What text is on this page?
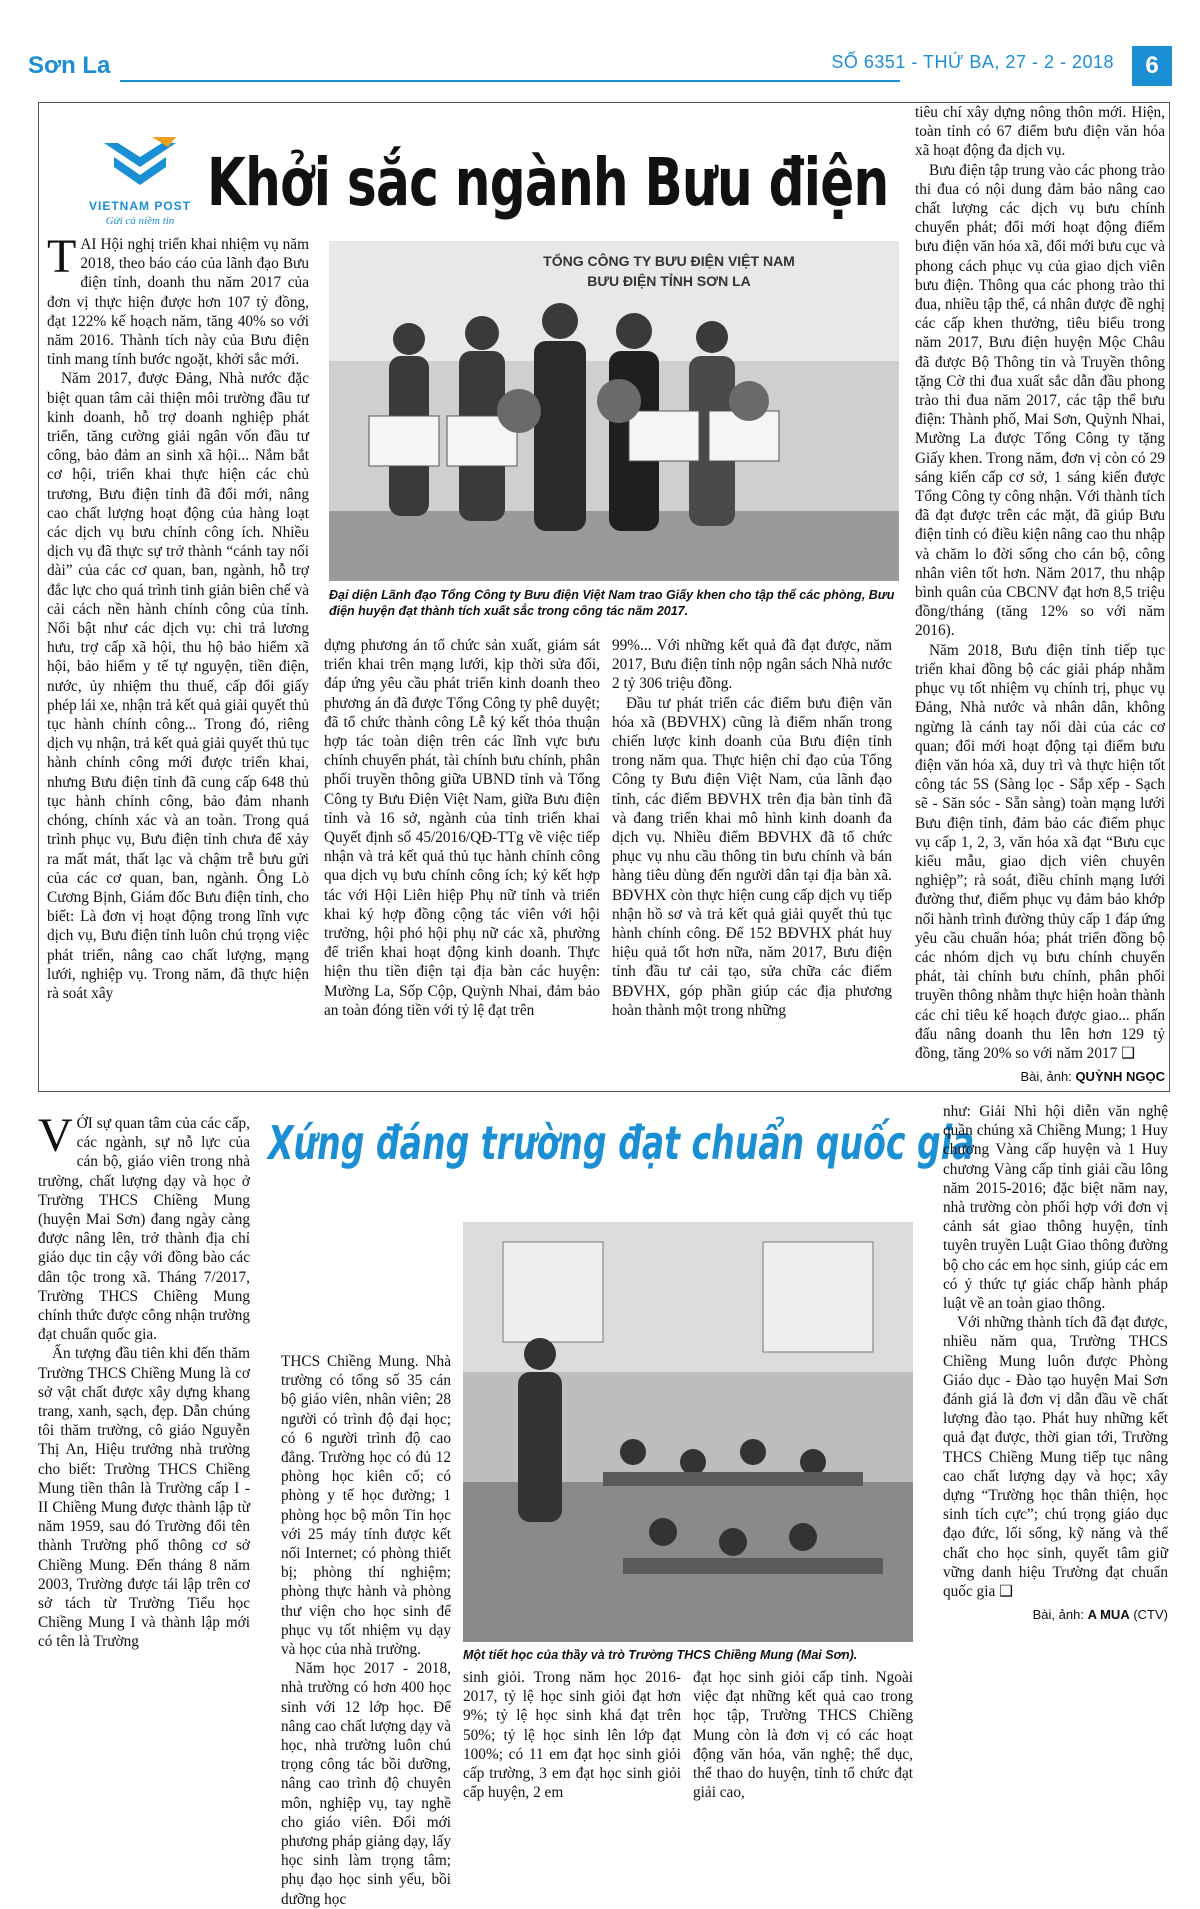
Sơn La	SỐ 6351 - THỨ BA, 27 - 2 - 2018	6
VIETNAM POST
Gửi cả niềm tin Khởi sắc ngành Bưu điện
TỔNG CÔNG TY BƯU ĐIỆN VIỆT NAM
BƯU ĐIỆN TỈNH SƠN LA
Đại diện Lãnh đạo Tổng Công ty Bưu điện Việt Nam trao Giấy khen cho tập thể các phòng, Bưu điện huyện đạt thành tích xuất sắc trong công tác năm 2017.

TAI Hội nghị triển khai nhiệm vụ năm 2018, theo báo cáo của lãnh đạo Bưu điện tỉnh, doanh thu năm 2017 của đơn vị thực hiện được hơn 107 tỷ đồng, đạt 122% kế hoạch năm, tăng 40% so với năm 2016. Thành tích này của Bưu điện tỉnh mang tính bước ngoặt, khởi sắc mới.

Năm 2017, được Đảng, Nhà nước đặc biệt quan tâm cải thiện môi trường đầu tư kinh doanh, hỗ trợ doanh nghiệp phát triển, tăng cường giải ngân vốn đầu tư công, bảo đảm an sinh xã hội... Nắm bắt cơ hội, triển khai thực hiện các chủ trương, Bưu điện tỉnh đã đổi mới, nâng cao chất lượng hoạt động của hàng loạt các dịch vụ bưu chính công ích. Nhiều dịch vụ đã thực sự trở thành “cánh tay nối dài” của các cơ quan, ban, ngành, hỗ trợ đắc lực cho quá trình tinh giản biên chế và cải cách nền hành chính công của tỉnh. Nổi bật như các dịch vụ: chi trả lương hưu, trợ cấp xã hội, thu hộ bảo hiểm xã hội, bảo hiểm y tế tự nguyện, tiền điện, nước, ủy nhiệm thu thuế, cấp đổi giấy phép lái xe, nhận trả kết quả giải quyết thủ tục hành chính công... Trong đó, riêng dịch vụ nhận, trả kết quả giải quyết thủ tục hành chính công mới được triển khai, nhưng Bưu điện tỉnh đã cung cấp 648 thủ tục hành chính công, bảo đảm nhanh chóng, chính xác và an toàn. Trong quá trình phục vụ, Bưu điện tỉnh chưa để xảy ra mất mát, thất lạc và chậm trễ bưu gửi của các cơ quan, ban, ngành. Ông Lò Cương Bịnh, Giám đốc Bưu điện tỉnh, cho biết: Là đơn vị hoạt động trong lĩnh vực dịch vụ, Bưu điện tỉnh luôn chú trọng việc phát triển, nâng cao chất lượng, mạng lưới, nghiệp vụ. Trong năm, đã thực hiện rà soát xây

dựng phương án tổ chức sản xuất, giám sát triển khai trên mạng lưới, kịp thời sửa đổi, đáp ứng yêu cầu phát triển kinh doanh theo phương án đã được Tổng Công ty phê duyệt; đã tổ chức thành công Lễ ký kết thỏa thuận hợp tác toàn diện trên các lĩnh vực bưu chính chuyển phát, tài chính bưu chính, phân phối truyền thông giữa UBND tỉnh và Tổng Công ty Bưu Điện Việt Nam, giữa Bưu điện tỉnh và 16 sở, ngành của tỉnh triển khai Quyết định số 45/2016/QĐ-TTg về việc tiếp nhận và trả kết quả thủ tục hành chính công qua dịch vụ bưu chính công ích; ký kết hợp tác với Hội Liên hiệp Phụ nữ tỉnh và triển khai ký hợp đồng cộng tác viên với hội trưởng, hội phó hội phụ nữ các xã, phường để triển khai hoạt động kinh doanh. Thực hiện thu tiền điện tại địa bàn các huyện: Mường La, Sốp Cộp, Quỳnh Nhai, đảm bảo an toàn đóng tiền với tỷ lệ đạt trên

99%... Với những kết quả đã đạt được, năm 2017, Bưu điện tỉnh nộp ngân sách Nhà nước 2 tỷ 306 triệu đồng.

Đầu tư phát triển các điểm bưu điện văn hóa xã (BĐVHX) cũng là điểm nhấn trong chiến lược kinh doanh của Bưu điện tỉnh trong năm qua. Thực hiện chỉ đạo của Tổng Công ty Bưu điện Việt Nam, của lãnh đạo tỉnh, các điểm BĐVHX trên địa bàn tỉnh đã và đang triển khai mô hình kinh doanh đa dịch vụ. Nhiều điểm BĐVHX đã tổ chức phục vụ nhu cầu thông tin bưu chính và bán hàng tiêu dùng đến người dân tại địa bàn xã. BĐVHX còn thực hiện cung cấp dịch vụ tiếp nhận hồ sơ và trả kết quả giải quyết thủ tục hành chính công. Để 152 BĐVHX phát huy hiệu quả tốt hơn nữa, năm 2017, Bưu điện tỉnh đầu tư cải tạo, sửa chữa các điểm BĐVHX, góp phần giúp các địa phương hoàn thành một trong những

tiêu chí xây dựng nông thôn mới. Hiện, toàn tỉnh có 67 điểm bưu điện văn hóa xã hoạt động đa dịch vụ.

Bưu điện tập trung vào các phong trào thi đua có nội dung đảm bảo nâng cao chất lượng các dịch vụ bưu chính chuyển phát; đổi mới hoạt động điểm bưu điện văn hóa xã, đổi mới bưu cục và phong cách phục vụ của giao dịch viên bưu điện. Thông qua các phong trào thi đua, nhiều tập thể, cá nhân được đề nghị các cấp khen thưởng, tiêu biểu trong năm 2017, Bưu điện huyện Mộc Châu đã được Bộ Thông tin và Truyền thông tặng Cờ thi đua xuất sắc dẫn đầu phong trào thi đua năm 2017, các tập thể bưu điện: Thành phố, Mai Sơn, Quỳnh Nhai, Mường La được Tổng Công ty tặng Giấy khen. Trong năm, đơn vị còn có 29 sáng kiến cấp cơ sở, 1 sáng kiến được Tổng Công ty công nhận. Với thành tích đã đạt được trên các mặt, đã giúp Bưu điện tỉnh có điều kiện nâng cao thu nhập và chăm lo đời sống cho cán bộ, công nhân viên tốt hơn. Năm 2017, thu nhập bình quân của CBCNV đạt hơn 8,5 triệu đồng/tháng (tăng 12% so với năm 2016).

Năm 2018, Bưu điện tỉnh tiếp tục triển khai đồng bộ các giải pháp nhằm phục vụ tốt nhiệm vụ chính trị, phục vụ Đảng, Nhà nước và nhân dân, không ngừng là cánh tay nối dài của các cơ quan; đổi mới hoạt động tại điểm bưu điện văn hóa xã, duy trì và thực hiện tốt công tác 5S (Sàng lọc - Sắp xếp - Sạch sẽ - Săn sóc - Sẵn sàng) toàn mạng lưới Bưu điện tỉnh, đảm bảo các điểm phục vụ cấp 1, 2, 3, văn hóa xã đạt “Bưu cục kiểu mẫu, giao dịch viên chuyên nghiệp”; rà soát, điều chỉnh mạng lưới đường thư, điểm phục vụ đảm bảo khớp nối hành trình đường thủy cấp 1 đáp ứng yêu cầu chuẩn hóa; phát triển đồng bộ các nhóm dịch vụ bưu chính chuyển phát, tài chính bưu chính, phân phối truyền thông nhằm thực hiện hoàn thành các chỉ tiêu kế hoạch được giao... phấn đấu nâng doanh thu lên hơn 129 tỷ đồng, tăng 20% so với năm 2017 ❑

Bài, ảnh: QUỲNH NGỌC

Xứng đáng trường đạt chuẩn quốc gia
Một tiết học của thầy và trò Trường THCS Chiềng Mung (Mai Sơn).

VỚI sự quan tâm của các cấp, các ngành, sự nỗ lực của cán bộ, giáo viên trong nhà trường, chất lượng dạy và học ở Trường THCS Chiềng Mung (huyện Mai Sơn) đang ngày càng được nâng lên, trở thành địa chỉ giáo dục tin cậy với đồng bào các dân tộc trong xã. Tháng 7/2017, Trường THCS Chiềng Mung chính thức được công nhận trường đạt chuẩn quốc gia.

Ấn tượng đầu tiên khi đến thăm Trường THCS Chiềng Mung là cơ sở vật chất được xây dựng khang trang, xanh, sạch, đẹp. Dẫn chúng tôi thăm trường, cô giáo Nguyễn Thị An, Hiệu trưởng nhà trường cho biết: Trường THCS Chiềng Mung tiền thân là Trường cấp I - II Chiềng Mung được thành lập từ năm 1959, sau đó Trường đổi tên thành Trường phổ thông cơ sở Chiềng Mung. Đến tháng 8 năm 2003, Trường được tái lập trên cơ sở tách từ Trường Tiểu học Chiềng Mung I và thành lập mới có tên là Trường

THCS Chiềng Mung. Nhà trường có tổng số 35 cán bộ giáo viên, nhân viên; 28 người có trình độ đại học; có 6 người trình độ cao đẳng. Trường học có đủ 12 phòng học kiên cố; có phòng y tế học đường; 1 phòng học bộ môn Tin học với 25 máy tính được kết nối Internet; có phòng thiết bị; phòng thí nghiệm; phòng thực hành và phòng thư viện cho học sinh để phục vụ tốt nhiệm vụ dạy và học của nhà trường.

Năm học 2017 - 2018, nhà trường có hơn 400 học sinh với 12 lớp học. Để nâng cao chất lượng dạy và học, nhà trường luôn chú trọng công tác bồi dưỡng, nâng cao trình độ chuyên môn, nghiệp vụ, tay nghề cho giáo viên. Đổi mới phương pháp giảng dạy, lấy học sinh làm trọng tâm; phụ đạo học sinh yếu, bồi dưỡng học

sinh giỏi. Trong năm học 2016-2017, tỷ lệ học sinh giỏi đạt hơn 9%; tỷ lệ học sinh khá đạt trên 50%; tỷ lệ học sinh lên lớp đạt 100%; có 11 em đạt học sinh giỏi cấp trường, 3 em đạt học sinh giỏi cấp huyện, 2 em

đạt học sinh giỏi cấp tỉnh. Ngoài việc đạt những kết quả cao trong học tập, Trường THCS Chiềng Mung còn là đơn vị có các hoạt động văn hóa, văn nghệ; thể dục, thể thao do huyện, tỉnh tổ chức đạt giải cao,

như: Giải Nhì hội diễn văn nghệ quần chúng xã Chiềng Mung; 1 Huy chương Vàng cấp huyện và 1 Huy chương Vàng cấp tỉnh giải cầu lông năm 2015-2016; đặc biệt năm nay, nhà trường còn phối hợp với đơn vị cảnh sát giao thông huyện, tỉnh tuyên truyền Luật Giao thông đường bộ cho các em học sinh, giúp các em có ý thức tự giác chấp hành pháp luật về an toàn giao thông.

Với những thành tích đã đạt được, nhiều năm qua, Trường THCS Chiềng Mung luôn được Phòng Giáo dục - Đào tạo huyện Mai Sơn đánh giá là đơn vị dẫn đầu về chất lượng đào tạo. Phát huy những kết quả đạt được, thời gian tới, Trường THCS Chiềng Mung tiếp tục nâng cao chất lượng dạy và học; xây dựng “Trường học thân thiện, học sinh tích cực”; chú trọng giáo dục đạo đức, lối sống, kỹ năng và thể chất cho học sinh, quyết tâm giữ vững danh hiệu Trường đạt chuẩn quốc gia ❑

Bài, ảnh: A MUA (CTV)
